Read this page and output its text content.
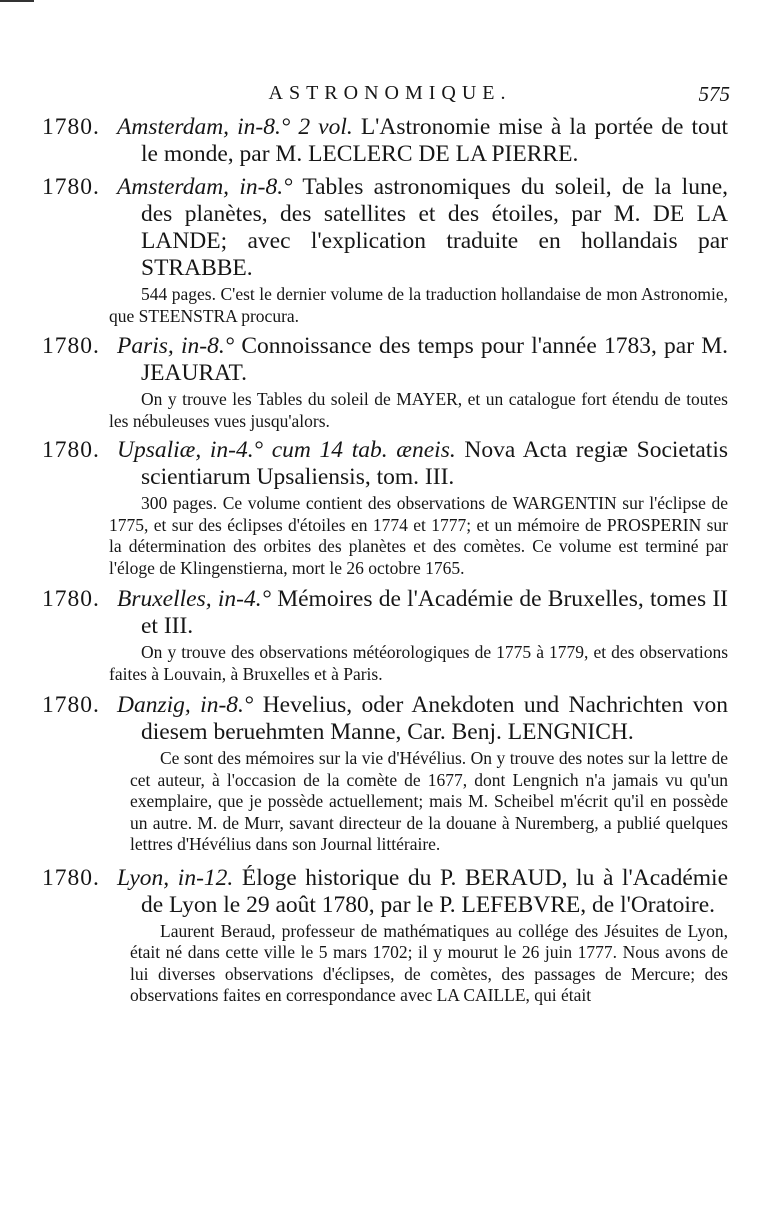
ASTRONOMIQUE.	575

1780. Amsterdam, in-8.° 2 vol. L'Astronomie mise à la portée de tout le monde, par M. LECLERC DE LA PIERRE.

1780. Amsterdam, in-8.° Tables astronomiques du soleil, de la lune, des planètes, des satellites et des étoiles, par M. DE LA LANDE; avec l'explication traduite en hollandais par STRABBE.

544 pages. C'est le dernier volume de la traduction hollandaise de mon Astronomie, que STEENSTRA procura.

1780. Paris, in-8.° Connoissance des temps pour l'année 1783, par M. JEAURAT.

On y trouve les Tables du soleil de MAYER, et un catalogue fort étendu de toutes les nébuleuses vues jusqu'alors.

1780. Upsaliæ, in-4.° cum 14 tab. æneis. Nova Acta regiæ Societatis scientiarum Upsaliensis, tom. III.

300 pages. Ce volume contient des observations de WARGENTIN sur l'éclipse de 1775, et sur des éclipses d'étoiles en 1774 et 1777; et un mémoire de PROSPERIN sur la détermination des orbites des planètes et des comètes. Ce volume est terminé par l'éloge de Klingenstierna, mort le 26 octobre 1765.

1780. Bruxelles, in-4.° Mémoires de l'Académie de Bruxelles, tomes II et III.

On y trouve des observations météorologiques de 1775 à 1779, et des observations faites à Louvain, à Bruxelles et à Paris.

1780. Danzig, in-8.° Hevelius, oder Anekdoten und Nachrichten von diesem beruehmten Manne, Car. Benj. LENGNICH.

Ce sont des mémoires sur la vie d'Hévélius. On y trouve des notes sur la lettre de cet auteur, à l'occasion de la comète de 1677, dont Lengnich n'a jamais vu qu'un exemplaire, que je possède actuellement; mais M. Scheibel m'écrit qu'il en possède un autre. M. de Murr, savant directeur de la douane à Nuremberg, a publié quelques lettres d'Hévélius dans son Journal littéraire.

1780. Lyon, in-12. Éloge historique du P. BERAUD, lu à l'Académie de Lyon le 29 août 1780, par le P. LEFEBVRE, de l'Oratoire.

Laurent Beraud, professeur de mathématiques au collége des Jésuites de Lyon, était né dans cette ville le 5 mars 1702; il y mourut le 26 juin 1777. Nous avons de lui diverses observations d'éclipses, de comètes, des passages de Mercure; des observations faites en correspondance avec LA CAILLE, qui était
